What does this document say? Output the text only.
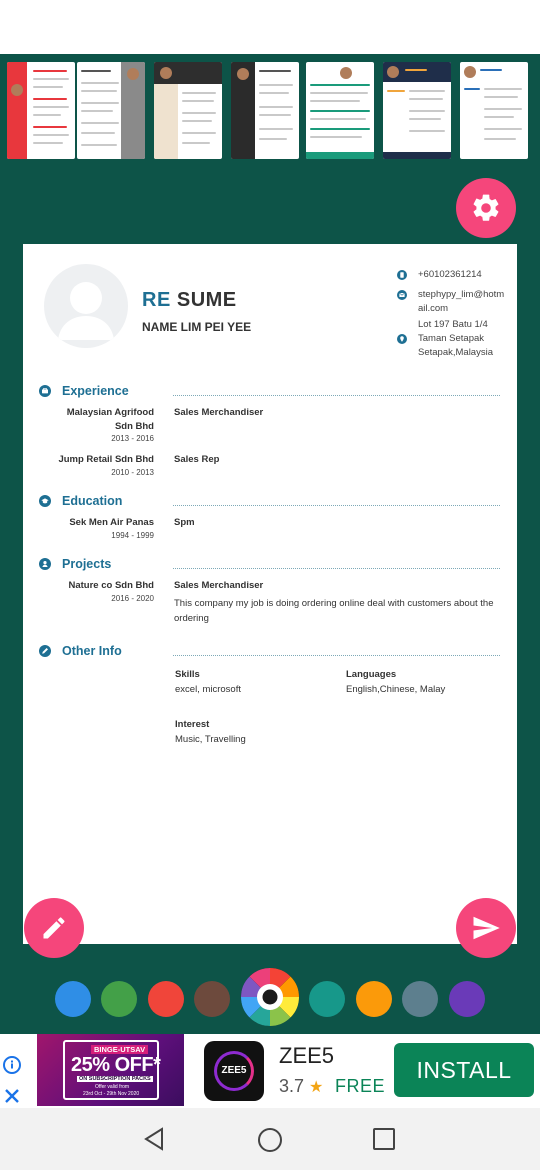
RE SUME
NAME LIM PEI YEE
+60102361214
stephypy_lim@hotm
ail.com
Lot 197 Batu 1/4
Taman Setapak
Setapak,Malaysia
Experience
Malaysian Agrifood
Sdn Bhd
2013 - 2016
Sales Merchandiser
Jump Retail Sdn Bhd
2010 - 2013
Sales Rep
Education
Sek Men Air Panas
1994 - 1999
Spm
Projects
Nature co Sdn Bhd
2016 - 2020
Sales Merchandiser
This company my job is doing ordering online deal with customers about the ordering
Other Info
Skills
excel, microsoft
Languages
English,Chinese, Malay
Interest
Music, Travelling
BINGE-UTSAV
25% OFF*
ON SUBSCRIPTION PACKS
Offer valid from
23rd Oct - 29th Nov 2020
ZEE5
ZEE5
3.7 ★ FREE
INSTALL
